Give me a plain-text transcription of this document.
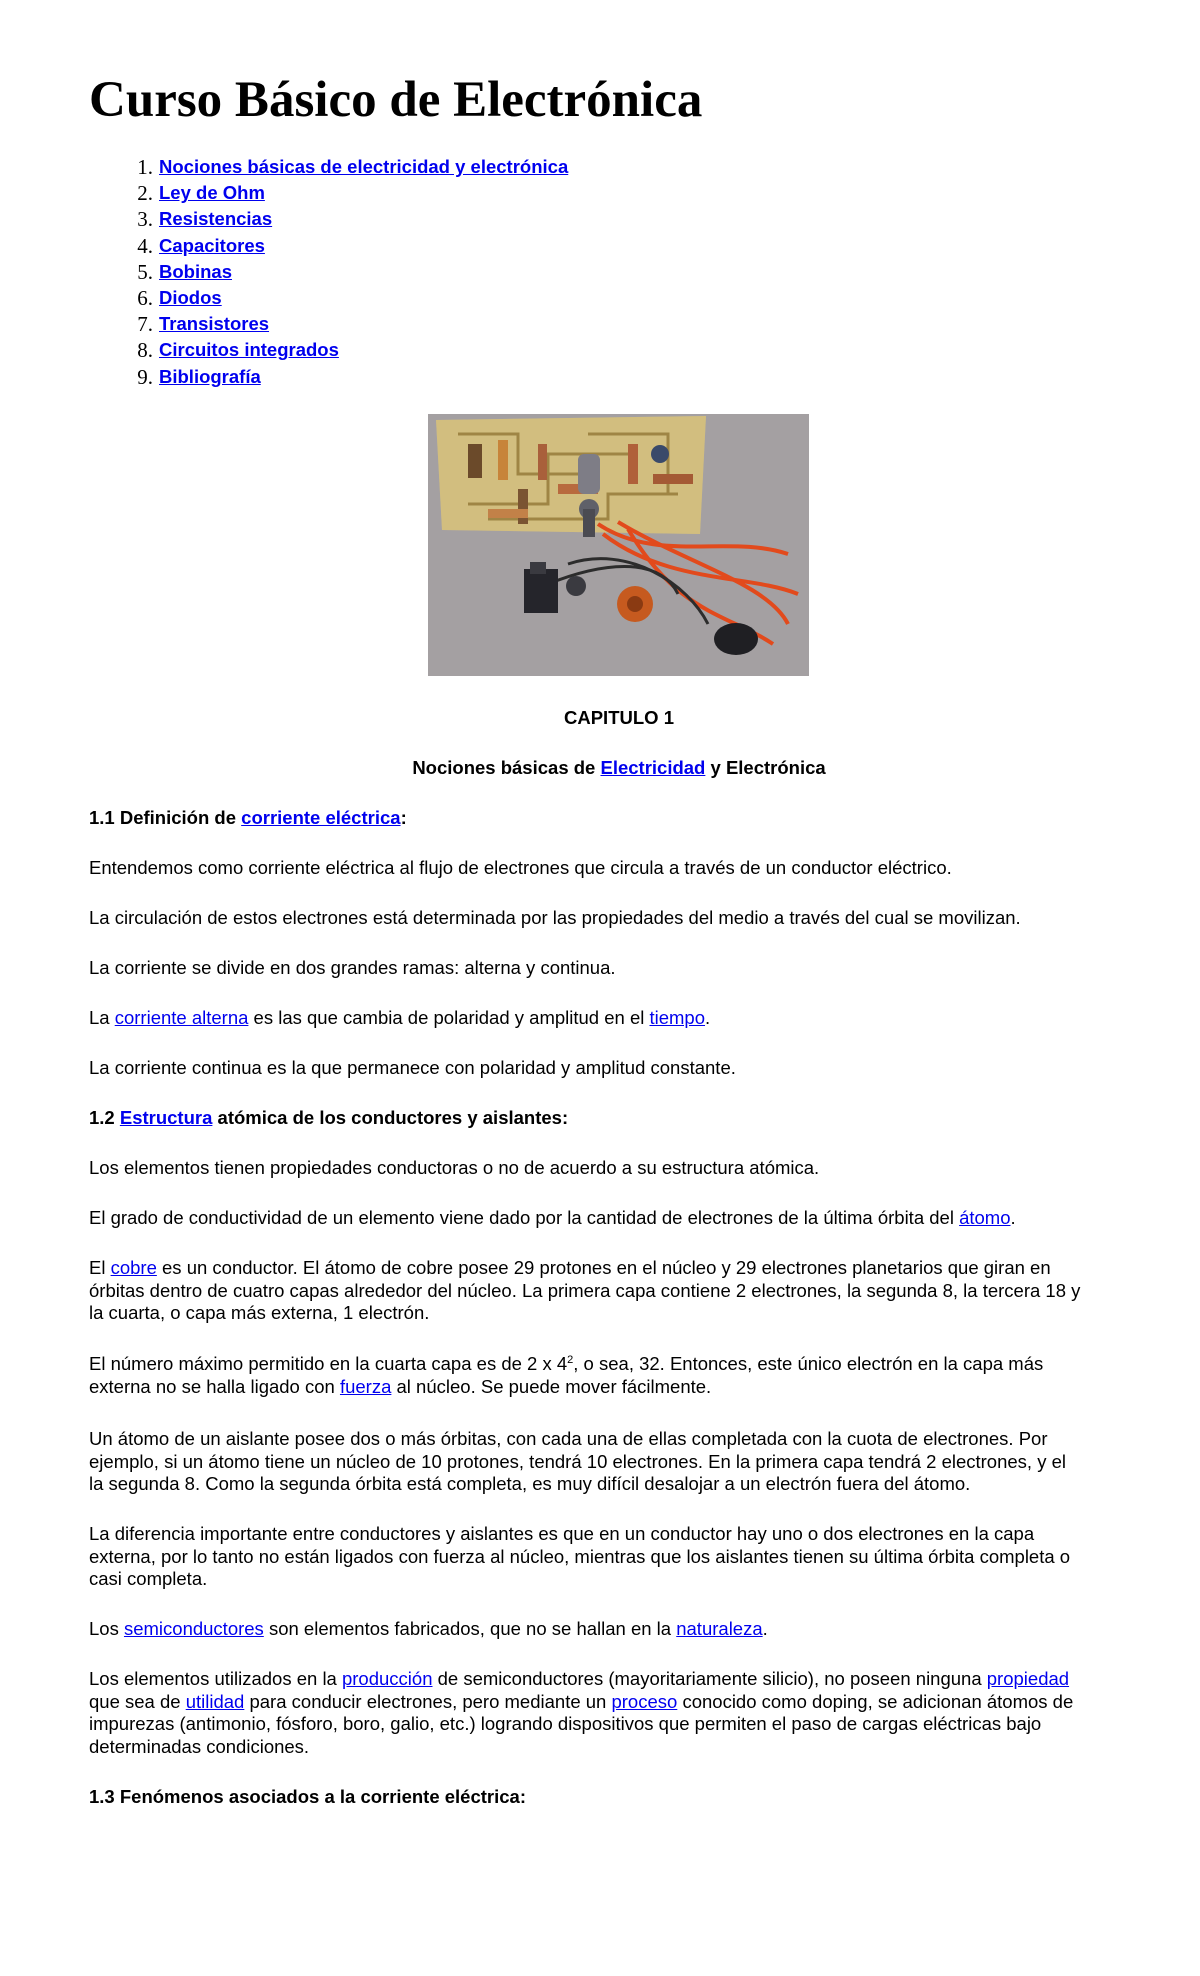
Curso Básico de Electrónica
1. Nociones básicas de electricidad y electrónica
2. Ley de Ohm
3. Resistencias
4. Capacitores
5. Bobinas
6. Diodos
7. Transistores
8. Circuitos integrados
9. Bibliografía

CAPITULO 1

Nociones básicas de Electricidad y Electrónica

1.1 Definición de corriente eléctrica:

Entendemos como corriente eléctrica al flujo de electrones que circula a través de un conductor eléctrico.

La circulación de estos electrones está determinada por las propiedades del medio a través del cual se movilizan.

La corriente se divide en dos grandes ramas: alterna y continua.

La corriente alterna es las que cambia de polaridad y amplitud en el tiempo.

La corriente continua es la que permanece con polaridad y amplitud constante.

1.2 Estructura atómica de los conductores y aislantes:

Los elementos tienen propiedades conductoras o no de acuerdo a su estructura atómica.

El grado de conductividad de un elemento viene dado por la cantidad de electrones de la última órbita del átomo.

El cobre es un conductor. El átomo de cobre posee 29 protones en el núcleo y 29 electrones planetarios que giran en
órbitas dentro de cuatro capas alrededor del núcleo. La primera capa contiene 2 electrones, la segunda 8, la tercera 18 y
la cuarta, o capa más externa, 1 electrón.
El número máximo permitido en la cuarta capa es de 2 x $4^2$, o sea, 32. Entonces, este único electrón en la capa más
externa no se halla ligado con fuerza al núcleo. Se puede mover fácilmente.
Un átomo de un aislante posee dos o más órbitas, con cada una de ellas completada con la cuota de electrones. Por
ejemplo, si un átomo tiene un núcleo de 10 protones, tendrá 10 electrones. En la primera capa tendrá 2 electrones, y el
la segunda 8. Como la segunda órbita está completa, es muy difícil desalojar a un electrón fuera del átomo.
La diferencia importante entre conductores y aislantes es que en un conductor hay uno o dos electrones en la capa
externa, por lo tanto no están ligados con fuerza al núcleo, mientras que los aislantes tienen su última órbita completa o
casi completa.

Los semiconductores son elementos fabricados, que no se hallan en la naturaleza.

Los elementos utilizados en la producción de semiconductores (mayoritariamente silicio), no poseen ninguna propiedad
que sea de utilidad para conducir electrones, pero mediante un proceso conocido como doping, se adicionan átomos de
impurezas (antimonio, fósforo, boro, galio, etc.) logrando dispositivos que permiten el paso de cargas eléctricas bajo
determinadas condiciones.

1.3 Fenómenos asociados a la corriente eléctrica:
